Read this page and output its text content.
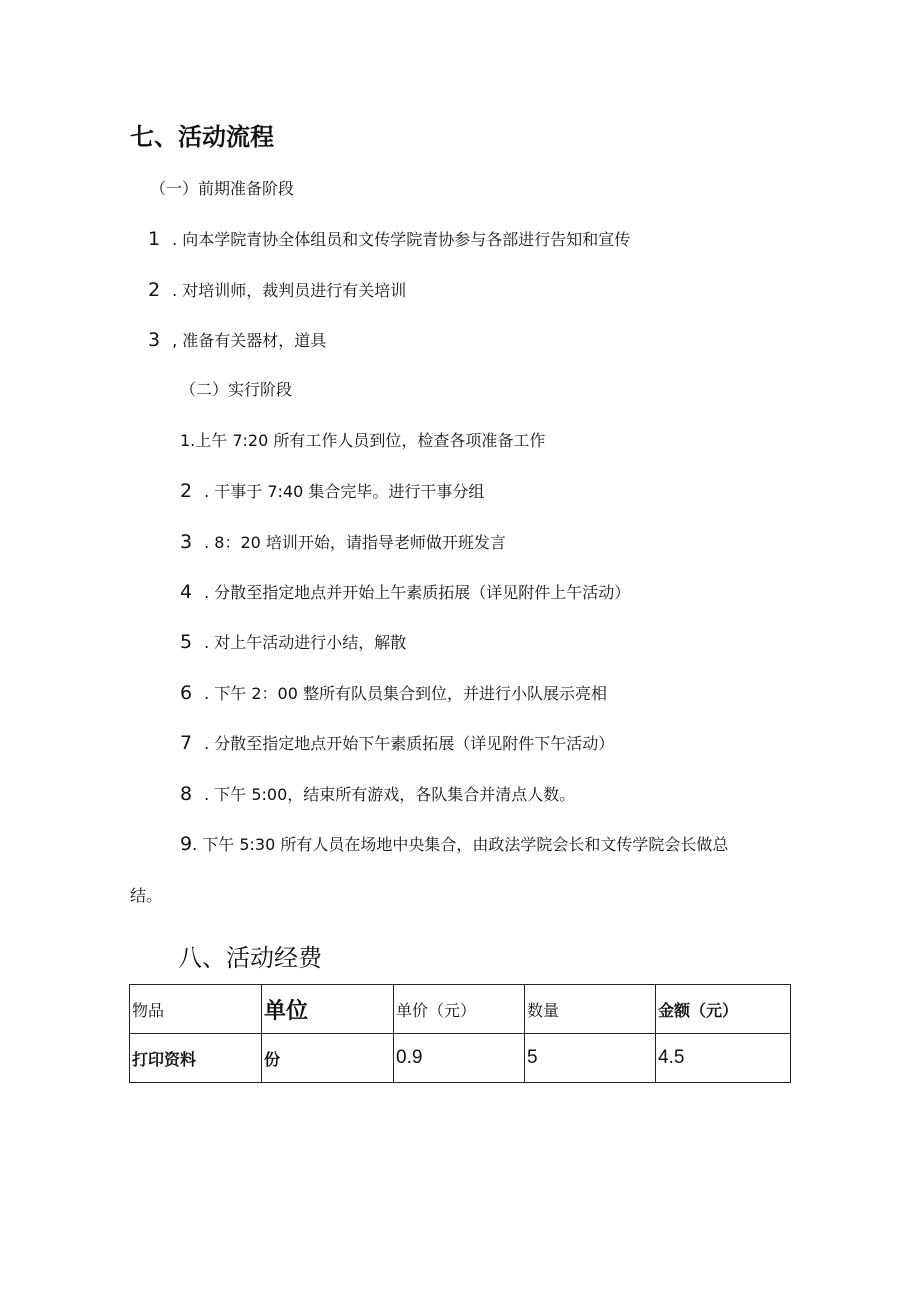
七、活动流程
（一）前期准备阶段
1 . 向本学院青协全体组员和文传学院青协参与各部进行告知和宣传
2 . 对培训师，裁判员进行有关培训
3 , 准备有关器材，道具
（二）实行阶段
1.上午 7:20 所有工作人员到位，检查各项准备工作
2 . 干事于 7:40 集合完毕。进行干事分组
3 . 8：20 培训开始，请指导老师做开班发言
4 . 分散至指定地点并开始上午素质拓展（详见附件上午活动）
5 . 对上午活动进行小结，解散
6 . 下午 2：00 整所有队员集合到位，并进行小队展示亮相
7 . 分散至指定地点开始下午素质拓展（详见附件下午活动）
8 . 下午 5:00，结束所有游戏，各队集合并清点人数。
9. 下午 5:30 所有人员在场地中央集合，由政法学院会长和文传学院会长做总
结。
八、活动经费
物品	单位	单价（元）	数量	金额（元）
打印资料	份	0.9	5	4.5
